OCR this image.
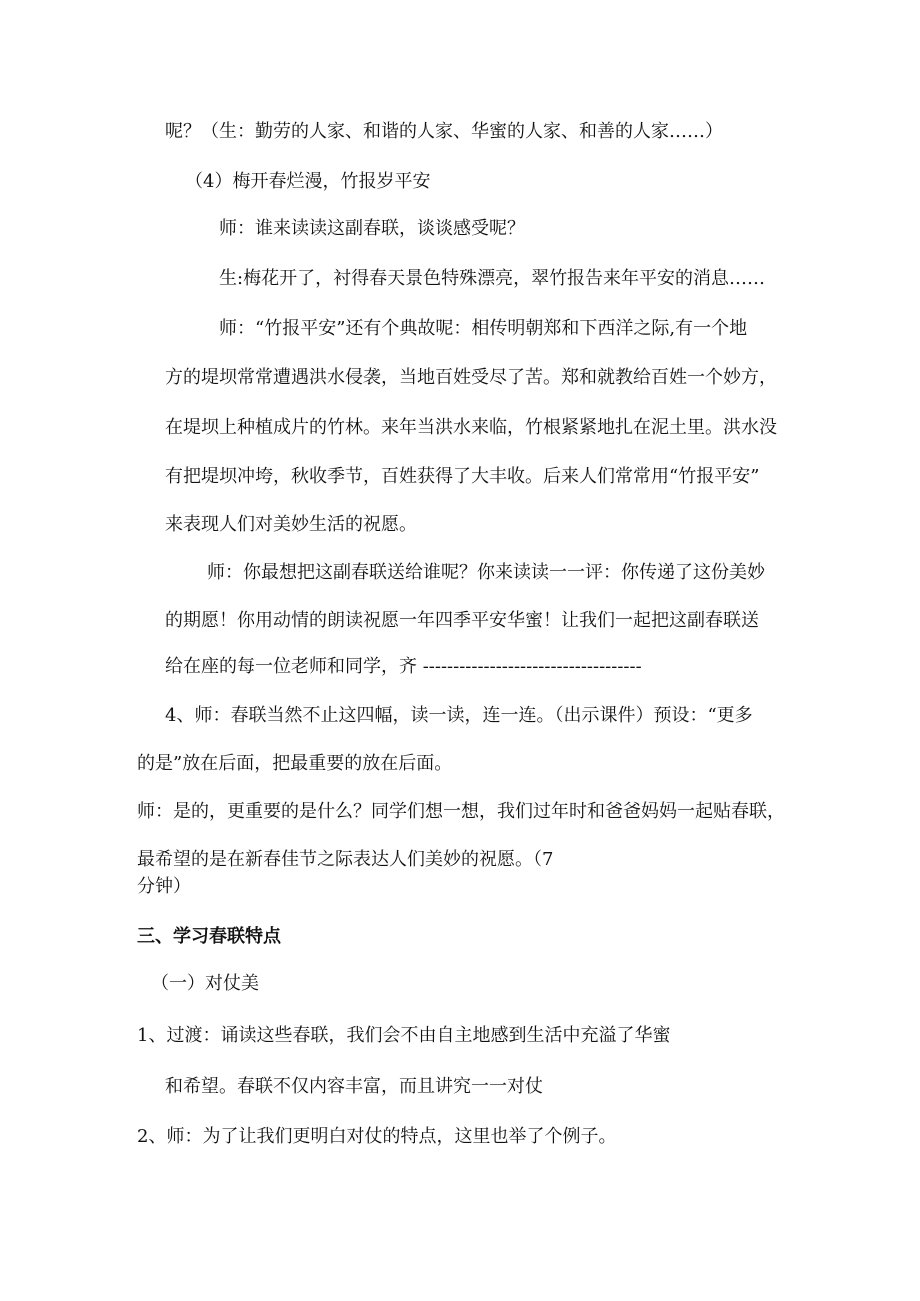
呢？（生：勤劳的人家、和谐的人家、华蜜的人家、和善的人家……）
（4）梅开春烂漫，竹报岁平安
师：谁来读读这副春联，谈谈感受呢？
生:梅花开了，衬得春天景色特殊漂亮，翠竹报告来年平安的消息……
师：“竹报平安”还有个典故呢：相传明朝郑和下西洋之际,有一个地
方的堤坝常常遭遇洪水侵袭，当地百姓受尽了苦。郑和就教给百姓一个妙方，
在堤坝上种植成片的竹林。来年当洪水来临，竹根紧紧地扎在泥土里。洪水没
有把堤坝冲垮，秋收季节，百姓获得了大丰收。后来人们常常用“竹报平安”
来表现人们对美妙生活的祝愿。
师：你最想把这副春联送给谁呢？你来读读一一评：你传递了这份美妙
的期愿！你用动情的朗读祝愿一年四季平安华蜜！让我们一起把这副春联送
给在座的每一位老师和同学，齐 ------------------------------------
4、师：春联当然不止这四幅，读一读，连一连。（出示课件）预设：“更多
的是”放在后面，把最重要的放在后面。
师：是的，更重要的是什么？同学们想一想，我们过年时和爸爸妈妈一起贴春联，
最希望的是在新春佳节之际表达人们美妙的祝愿。（7
分钟）
三、学习春联特点
（一）对仗美
1、过渡：诵读这些春联，我们会不由自主地感到生活中充溢了华蜜
和希望。春联不仅内容丰富，而且讲究一一对仗
2、师：为了让我们更明白对仗的特点，这里也举了个例子。
